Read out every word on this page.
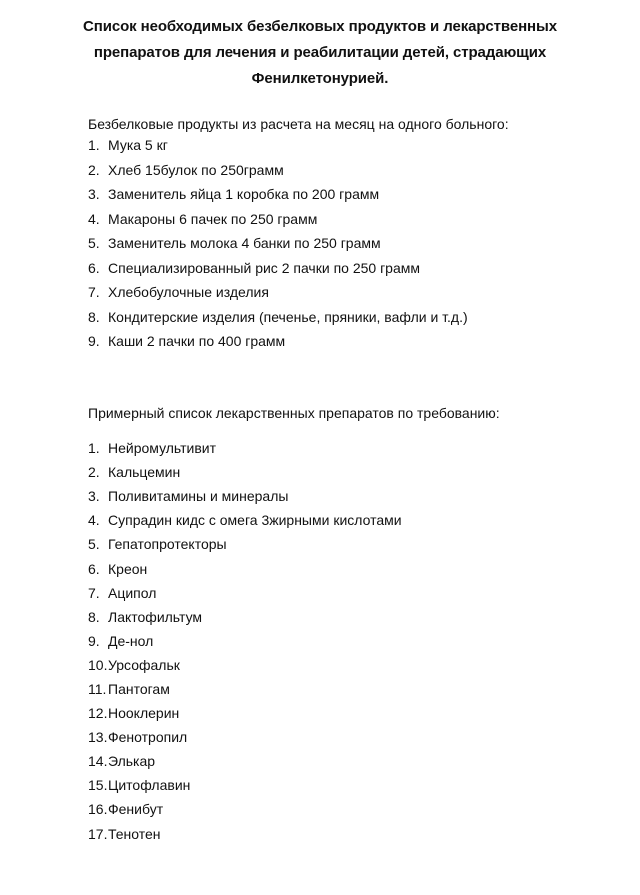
Список необходимых безбелковых продуктов и лекарственных
препаратов для лечения и реабилитации детей, страдающих
Фенилкетонурией.
Безбелковые продукты из расчета на месяц на одного больного:
1. Мука 5 кг
2. Хлеб 15булок по 250грамм
3. Заменитель яйца 1 коробка по 200 грамм
4. Макароны 6 пачек по 250 грамм
5. Заменитель молока 4 банки по 250 грамм
6. Специализированный рис 2 пачки по 250 грамм
7. Хлебобулочные изделия
8. Кондитерские изделия (печенье, пряники, вафли и т.д.)
9. Каши 2 пачки по 400 грамм
Примерный список лекарственных препаратов по требованию:
1. Нейромультивит
2. Кальцемин
3. Поливитамины и минералы
4. Супрадин кидс с омега 3жирными кислотами
5. Гепатопротекторы
6. Креон
7. Аципол
8. Лактофильтум
9. Де-нол
10. Урсофальк
11. Пантогам
12. Нооклерин
13. Фенотропил
14. Элькар
15. Цитофлавин
16. Фенибут
17. Тенотен
